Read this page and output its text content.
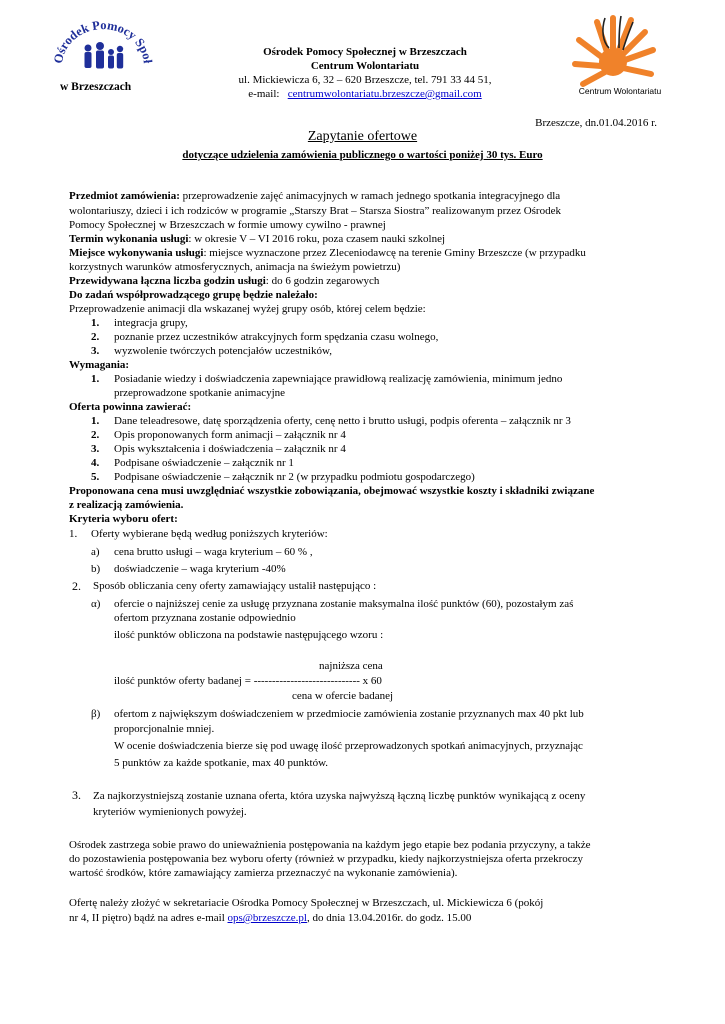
Ośrodek Pomocy Społ
w Brzeszczach
Ośrodek Pomocy Społecznej w Brzeszczach
Centrum Wolontariatu
ul. Mickiewicza 6, 32 – 620 Brzeszcze, tel. 791 33 44 51,
e-mail: centrumwolontariatu.brzeszcze@gmail.com	Centrum Wolontariatu
Brzeszcze, dn.01.04.2016 r.
Zapytanie ofertowe
dotyczące udzielenia zamówienia publicznego o wartości poniżej 30 tys. Euro
Przedmiot zamówienia: przeprowadzenie zajęć animacyjnych w ramach jednego spotkania integracyjnego dla
wolontariuszy, dzieci i ich rodziców w programie „Starszy Brat – Starsza Siostra” realizowanym przez Ośrodek
Pomocy Społecznej w Brzeszczach w formie umowy cywilno - prawnej
Termin wykonania usługi: w okresie V – VI 2016 roku, poza czasem nauki szkolnej
Miejsce wykonywania usługi: miejsce wyznaczone przez Zleceniodawcę na terenie Gminy Brzeszcze (w przypadku
korzystnych warunków atmosferycznych, animacja na świeżym powietrzu)
Przewidywana łączna liczba godzin usługi: do 6 godzin zegarowych
Do zadań współprowadzącego grupę będzie należało:
Przeprowadzenie animacji dla wskazanej wyżej grupy osób, której celem będzie:
1. integracja grupy,
2. poznanie przez uczestników atrakcyjnych form spędzania czasu wolnego,
3. wyzwolenie twórczych potencjałów uczestników,
Wymagania:
1. Posiadanie wiedzy i doświadczenia zapewniające prawidłową realizację zamówienia, minimum jedno
przeprowadzone spotkanie animacyjne
Oferta powinna zawierać:
1. Dane teleadresowe, datę sporządzenia oferty, cenę netto i brutto usługi, podpis oferenta – załącznik nr 3
2. Opis proponowanych form animacji – załącznik nr 4
3. Opis wykształcenia i doświadczenia – załącznik nr 4
4. Podpisane oświadczenie – załącznik nr 1
5. Podpisane oświadczenie – załącznik nr 2 (w przypadku podmiotu gospodarczego)
Proponowana cena musi uwzględniać wszystkie zobowiązania, obejmować wszystkie koszty i składniki związane
z realizacją zamówienia.
Kryteria wyboru ofert:
1. Oferty wybierane będą według poniższych kryteriów:
a) cena brutto usługi – waga kryterium – 60 % ,
b) doświadczenie – waga kryterium -40%
2. Sposób obliczania ceny oferty zamawiający ustalił następująco :
α) ofercie o najniższej cenie za usługę przyznana zostanie maksymalna ilość punktów (60), pozostałym zaś
ofertom przyznana zostanie odpowiednio
ilość punktów obliczona na podstawie następującego wzoru :
najniższa cena
ilość punktów oferty badanej = ----------------------------- x 60
cena w ofercie badanej
β) ofertom z największym doświadczeniem w przedmiocie zamówienia zostanie przyznanych max 40 pkt lub
proporcjonalnie mniej.
W ocenie doświadczenia bierze się pod uwagę ilość przeprowadzonych spotkań animacyjnych, przyznając
5 punktów za każde spotkanie, max 40 punktów.
3. Za najkorzystniejszą zostanie uznana oferta, która uzyska najwyższą łączną liczbę punktów wynikającą z oceny
kryteriów wymienionych powyżej.
Ośrodek zastrzega sobie prawo do unieważnienia postępowania na każdym jego etapie bez podania przyczyny, a także
do pozostawienia postępowania bez wyboru oferty (również w przypadku, kiedy najkorzystniejsza oferta przekroczy
wartość środków, które zamawiający zamierza przeznaczyć na wykonanie zamówienia).
Ofertę należy złożyć w sekretariacie Ośrodka Pomocy Społecznej w Brzeszczach, ul. Mickiewicza 6 (pokój
nr 4, II piętro) bądź na adres e-mail ops@brzeszcze.pl, do dnia 13.04.2016r. do godz. 15.00
